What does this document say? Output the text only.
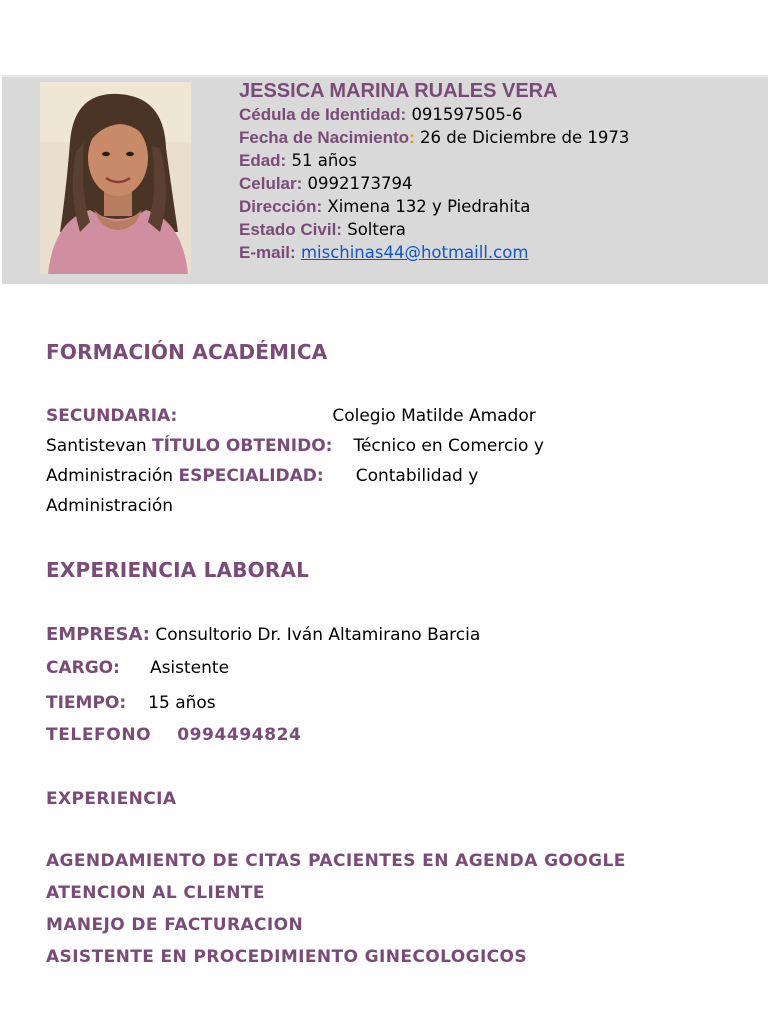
JESSICA MARINA RUALES VERA
Cédula de Identidad: 091597505-6
Fecha de Nacimiento: 26 de Diciembre de 1973
Edad: 51 años
Celular: 0992173794
Dirección: Ximena 132 y Piedrahita
Estado Civil: Soltera
E-mail: mischinas44@hotmaill.com
FORMACIÓN ACADÉMICA
SECUNDARIA:	Colegio Matilde Amador
Santistevan TÍTULO OBTENIDO: Técnico en Comercio y
Administración ESPECIALIDAD: Contabilidad y
Administración
EXPERIENCIA LABORAL
EMPRESA: Consultorio Dr. Iván Altamirano Barcia
CARGO: Asistente
TIEMPO: 15 años
TELEFONO 0994494824
EXPERIENCIA
AGENDAMIENTO DE CITAS PACIENTES EN AGENDA GOOGLE
ATENCION AL CLIENTE
MANEJO DE FACTURACION
ASISTENTE EN PROCEDIMIENTO GINECOLOGICOS
